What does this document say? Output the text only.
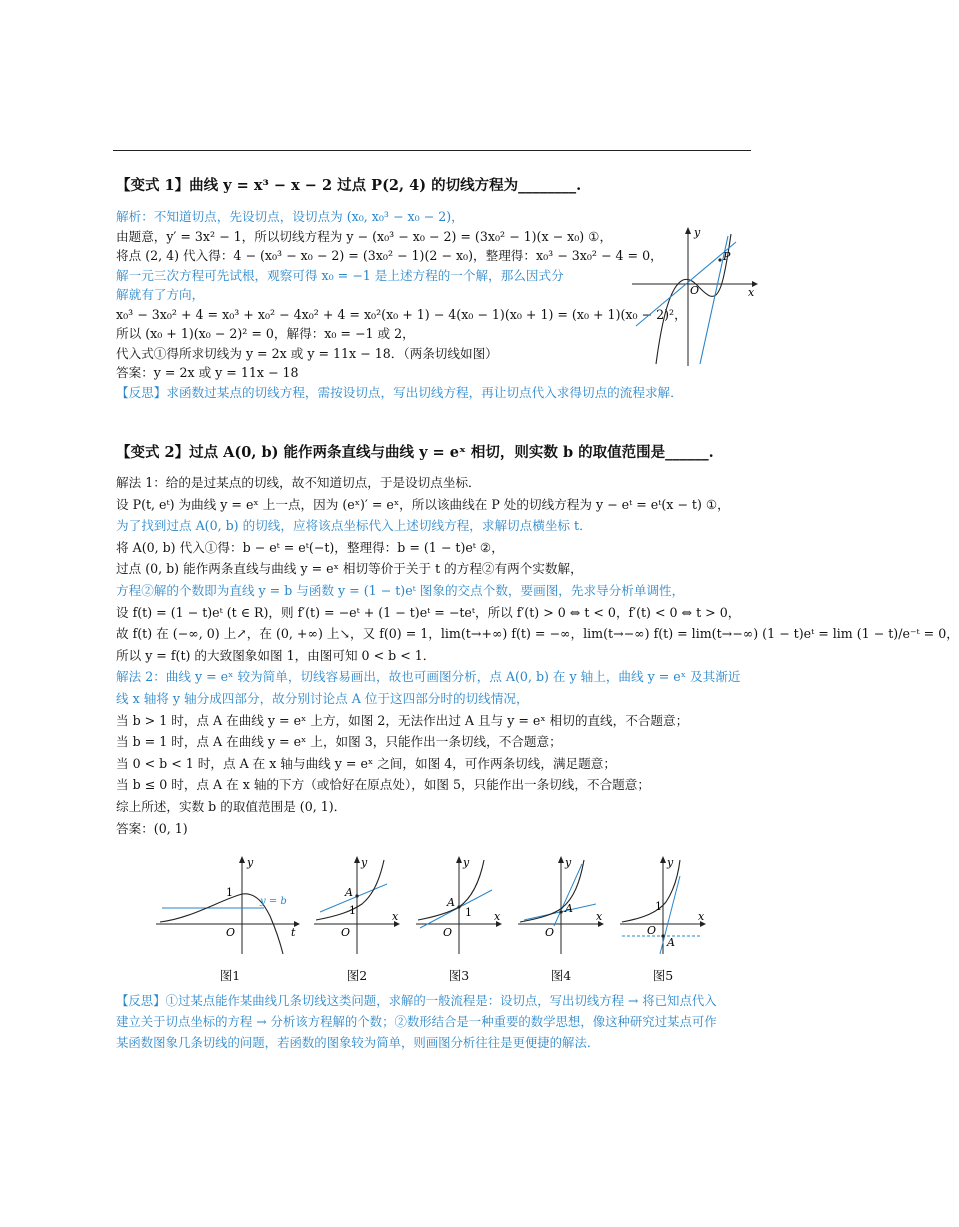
【变式 1】曲线 y = x³ − x − 2 过点 P(2, 4) 的切线方程为________.
解析：不知道切点，先设切点，设切点为 (x₀, x₀³ − x₀ − 2)，
由题意，y′ = 3x² − 1，所以切线方程为 y − (x₀³ − x₀ − 2) = (3x₀² − 1)(x − x₀) ①，
将点 (2, 4) 代入得：4 − (x₀³ − x₀ − 2) = (3x₀² − 1)(2 − x₀)，整理得：x₀³ − 3x₀² − 4 = 0，
解一元三次方程可先试根，观察可得 x₀ = −1 是上述方程的一个解，那么因式分
解就有了方向，
x₀³ − 3x₀² + 4 = x₀³ + x₀² − 4x₀² + 4 = x₀²(x₀ + 1) − 4(x₀ − 1)(x₀ + 1) = (x₀ + 1)(x₀ − 2)²，
所以 (x₀ + 1)(x₀ − 2)² = 0，解得：x₀ = −1 或 2，
代入式①得所求切线为 y = 2x 或 y = 11x − 18．（两条切线如图）
答案：y = 2x 或 y = 11x − 18
【反思】求函数过某点的切线方程，需按设切点，写出切线方程，再让切点代入求得切点的流程求解．
P
O	x
y
【变式 2】过点 A(0, b) 能作两条直线与曲线 y = eˣ 相切，则实数 b 的取值范围是______.
解法 1：给的是过某点的切线，故不知道切点，于是设切点坐标．
设 P(t, eᵗ) 为曲线 y = eˣ 上一点，因为 (eˣ)′ = eˣ，所以该曲线在 P 处的切线方程为 y − eᵗ = eᵗ(x − t) ①，
为了找到过点 A(0, b) 的切线，应将该点坐标代入上述切线方程，求解切点横坐标 t．
将 A(0, b) 代入①得：b − eᵗ = eᵗ(−t)，整理得：b = (1 − t)eᵗ ②，
过点 (0, b) 能作两条直线与曲线 y = eˣ 相切等价于关于 t 的方程②有两个实数解，
方程②解的个数即为直线 y = b 与函数 y = (1 − t)eᵗ 图象的交点个数，要画图，先求导分析单调性，
设 f(t) = (1 − t)eᵗ (t ∈ R)，则 f′(t) = −eᵗ + (1 − t)eᵗ = −teᵗ，所以 f′(t) > 0 ⇔ t < 0，f′(t) < 0 ⇔ t > 0，
故 f(t) 在 (−∞, 0) 上↗，在 (0, +∞) 上↘，又 f(0) = 1，lim(t→+∞) f(t) = −∞，lim(t→−∞) f(t) = lim(t→−∞) (1 − t)eᵗ = lim (1 − t)/e⁻ᵗ = 0，
所以 y = f(t) 的大致图象如图 1，由图可知 0 < b < 1．
解法 2：曲线 y = eˣ 较为简单，切线容易画出，故也可画图分析，点 A(0, b) 在 y 轴上，曲线 y = eˣ 及其渐近
线 x 轴将 y 轴分成四部分，故分别讨论点 A 位于这四部分时的切线情况，
当 b > 1 时，点 A 在曲线 y = eˣ 上方，如图 2，无法作出过 A 且与 y = eˣ 相切的直线，不合题意；
当 b = 1 时，点 A 在曲线 y = eˣ 上，如图 3，只能作出一条切线，不合题意；
当 0 < b < 1 时，点 A 在 x 轴与曲线 y = eˣ 之间，如图 4，可作两条切线，满足题意；
当 b ≤ 0 时，点 A 在 x 轴的下方（或恰好在原点处），如图 5，只能作出一条切线，不合题意；
综上所述，实数 b 的取值范围是 (0, 1)．
答案：(0, 1)
1
O	t
y
y = b
A
1
O
x
y
A
1
O
x
y
A
O
x
y
A
1
O
x
y
图1	图2	图3	图4	图5
【反思】①过某点能作某曲线几条切线这类问题，求解的一般流程是：设切点，写出切线方程 → 将已知点代入
建立关于切点坐标的方程 → 分析该方程解的个数；②数形结合是一种重要的数学思想，像这种研究过某点可作
某函数图象几条切线的问题，若函数的图象较为简单，则画图分析往往是更便捷的解法．
